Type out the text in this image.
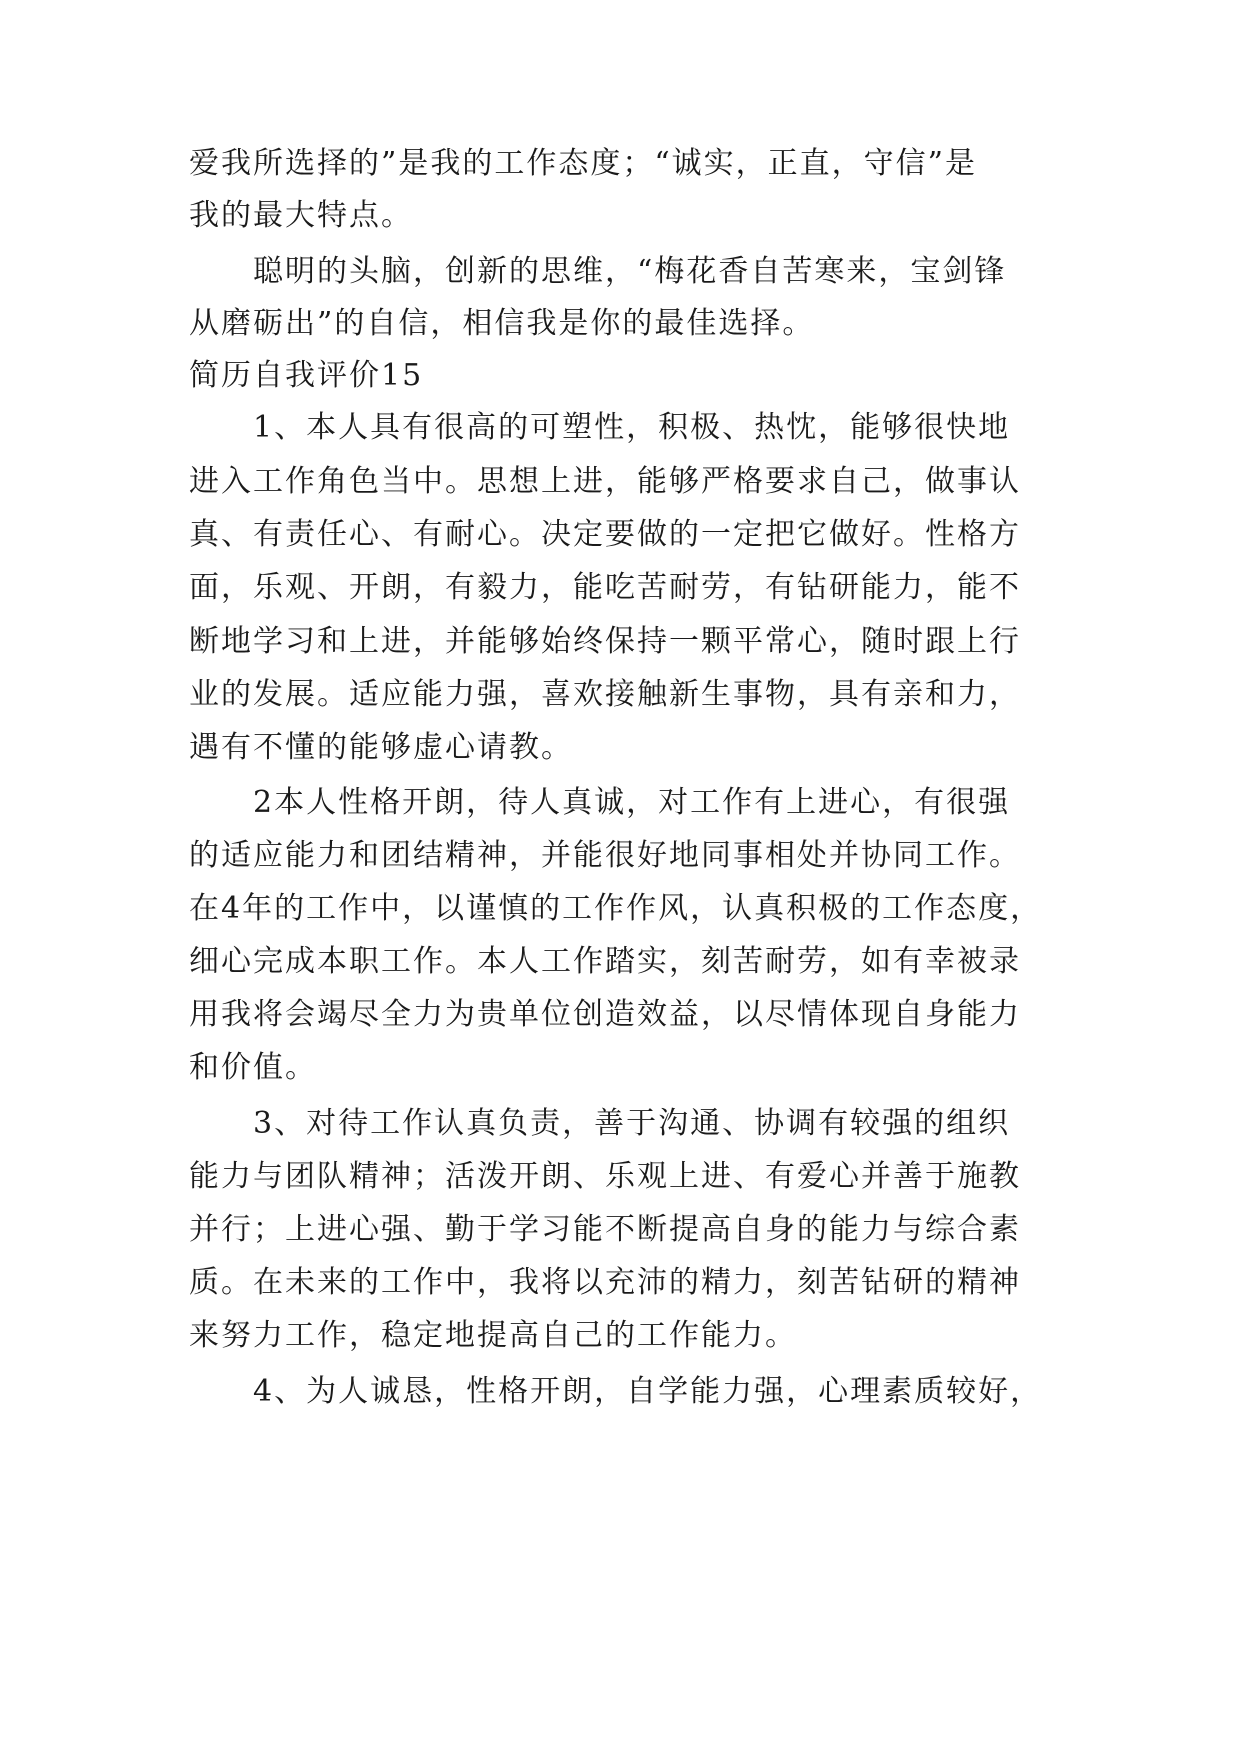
爱我所选择的”是我的工作态度；“诚实，正直，守信”是
我的最大特点。
聪明的头脑，创新的思维，“梅花香自苦寒来，宝剑锋
从磨砺出”的自信，相信我是你的最佳选择。
简历自我评价15
1、本人具有很高的可塑性，积极、热忱，能够很快地
进入工作角色当中。思想上进，能够严格要求自己，做事认
真、有责任心、有耐心。决定要做的一定把它做好。性格方
面，乐观、开朗，有毅力，能吃苦耐劳，有钻研能力，能不
断地学习和上进，并能够始终保持一颗平常心，随时跟上行
业的发展。适应能力强，喜欢接触新生事物，具有亲和力，
遇有不懂的能够虚心请教。
2本人性格开朗，待人真诚，对工作有上进心，有很强
的适应能力和团结精神，并能很好地同事相处并协同工作。
在4年的工作中，以谨慎的工作作风，认真积极的工作态度，
细心完成本职工作。本人工作踏实，刻苦耐劳，如有幸被录
用我将会竭尽全力为贵单位创造效益，以尽情体现自身能力
和价值。
3、对待工作认真负责，善于沟通、协调有较强的组织
能力与团队精神；活泼开朗、乐观上进、有爱心并善于施教
并行；上进心强、勤于学习能不断提高自身的能力与综合素
质。在未来的工作中，我将以充沛的精力，刻苦钻研的精神
来努力工作，稳定地提高自己的工作能力。
4、为人诚恳，性格开朗，自学能力强，心理素质较好，
